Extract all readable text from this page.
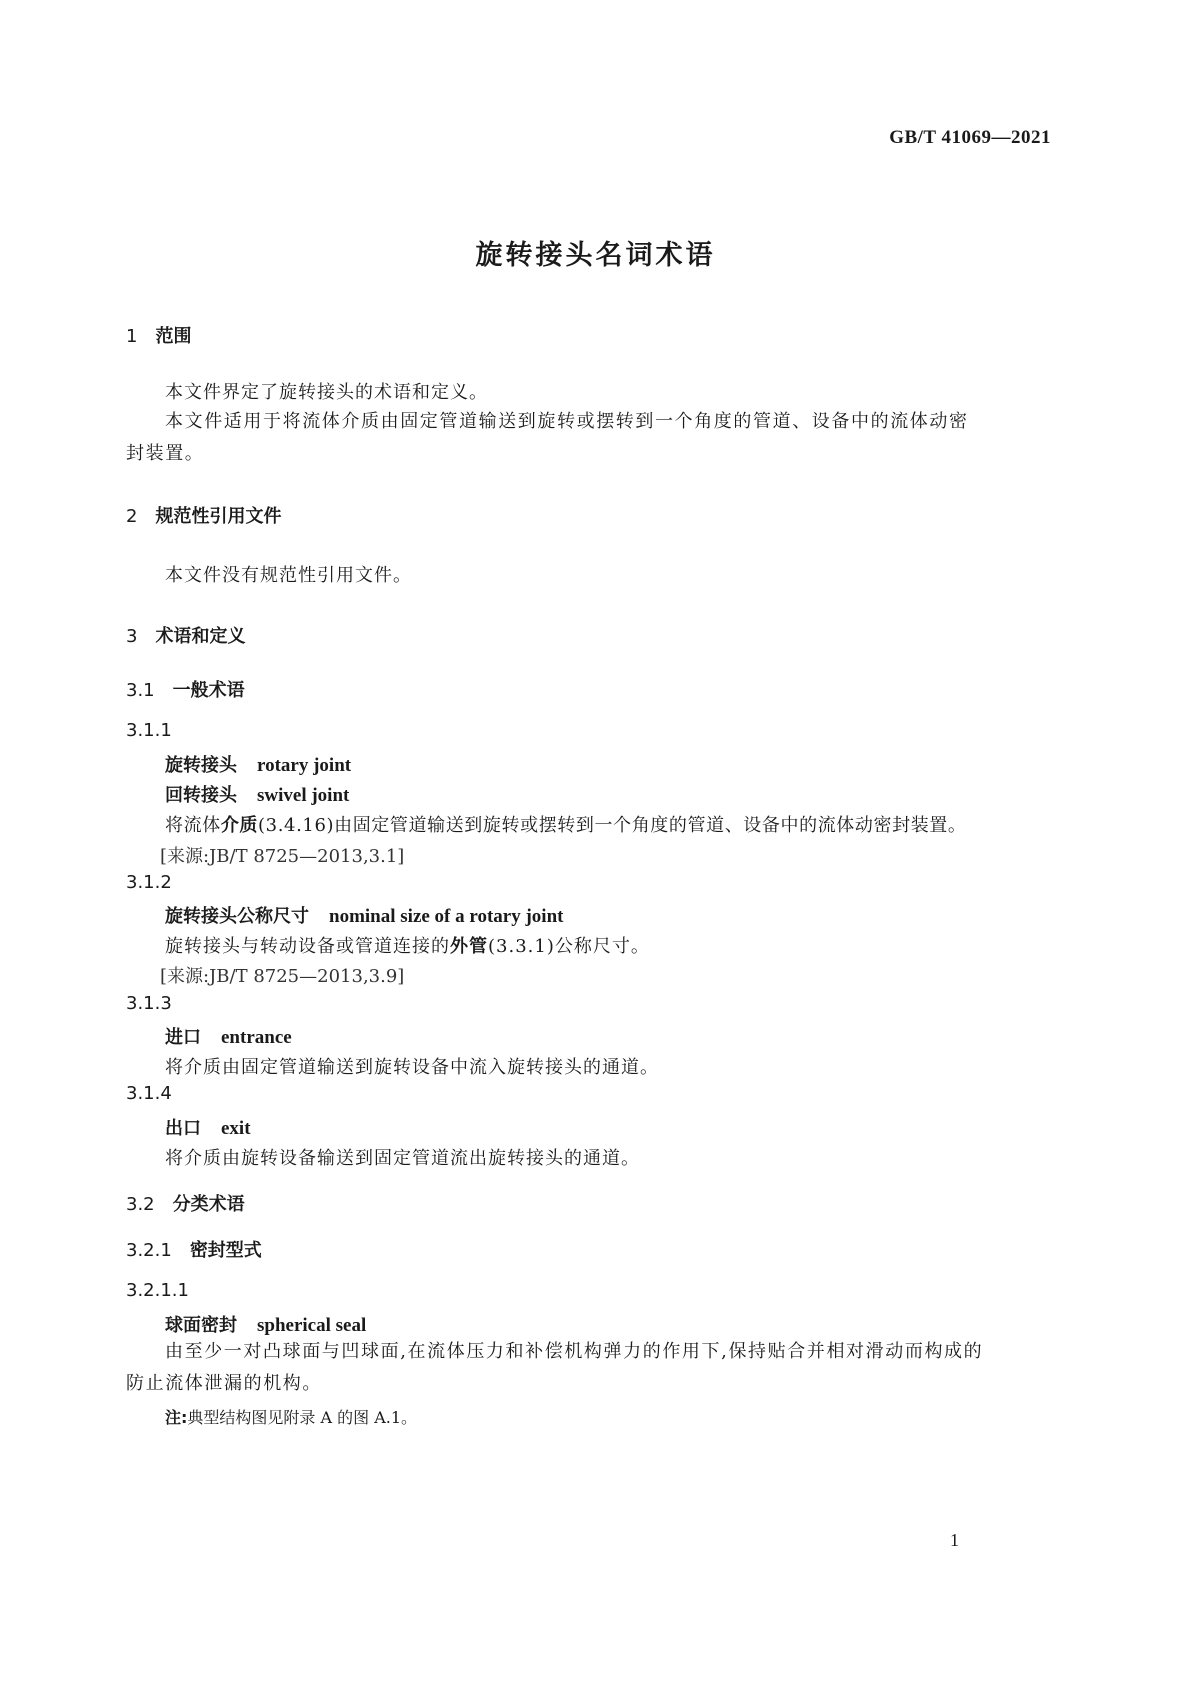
GB/T 41069—2021
旋转接头名词术语
1 范围
本文件界定了旋转接头的术语和定义。
本文件适用于将流体介质由固定管道输送到旋转或摆转到一个角度的管道、设备中的流体动密封装置。
2 规范性引用文件
本文件没有规范性引用文件。
3 术语和定义
3.1 一般术语
3.1.1
旋转接头 rotary joint
回转接头 swivel joint
将流体介质(3.4.16)由固定管道输送到旋转或摆转到一个角度的管道、设备中的流体动密封装置。
[来源:JB/T 8725—2013,3.1]
3.1.2
旋转接头公称尺寸 nominal size of a rotary joint
旋转接头与转动设备或管道连接的外管(3.3.1)公称尺寸。
[来源:JB/T 8725—2013,3.9]
3.1.3
进口 entrance
将介质由固定管道输送到旋转设备中流入旋转接头的通道。
3.1.4
出口 exit
将介质由旋转设备输送到固定管道流出旋转接头的通道。
3.2 分类术语
3.2.1 密封型式
3.2.1.1
球面密封 spherical seal
由至少一对凸球面与凹球面,在流体压力和补偿机构弹力的作用下,保持贴合并相对滑动而构成的防止流体泄漏的机构。
注:典型结构图见附录 A 的图 A.1。
1
